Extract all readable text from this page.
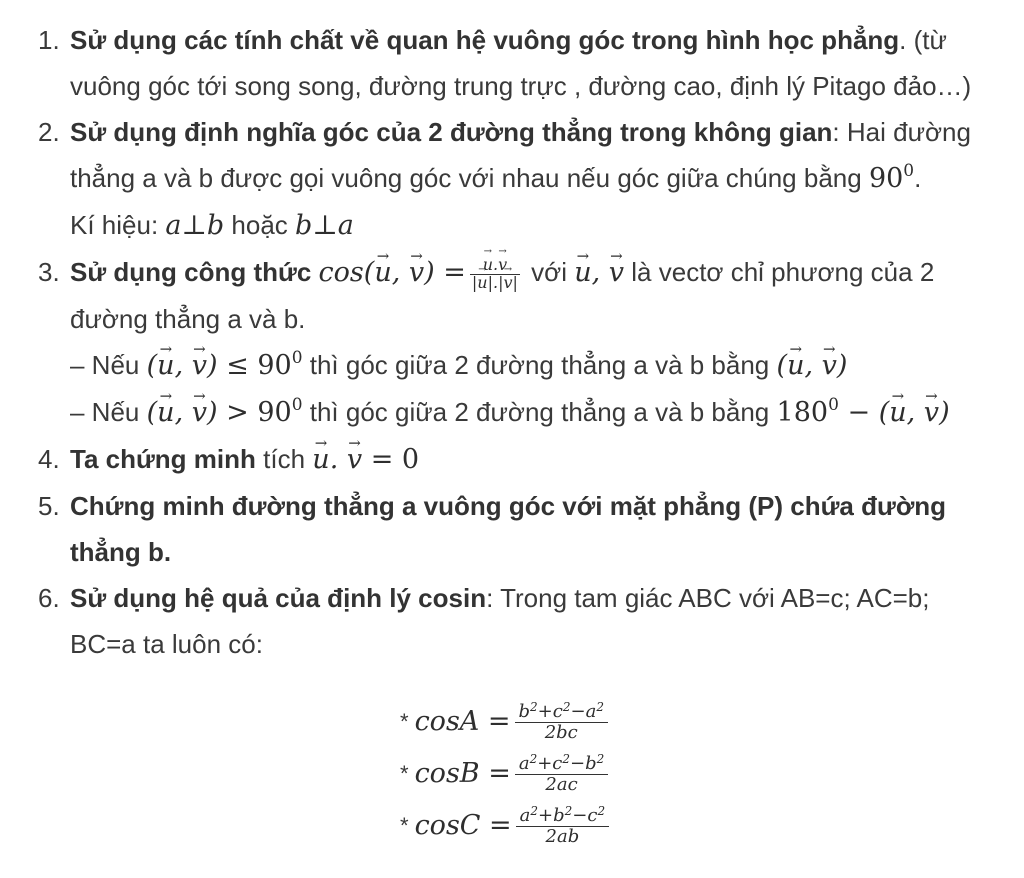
1. Sử dụng các tính chất về quan hệ vuông góc trong hình học phẳng. (từ
vuông góc tới song song, đường trung trực , đường cao, định lý Pitago đảo…)
2. Sử dụng định nghĩa góc của 2 đường thẳng trong không gian: Hai đường
thẳng a và b được gọi vuông góc với nhau nếu góc giữa chúng bằng $90^0$.
Kí hiệu: a⊥b hoặc b⊥a
3. Sử dụng công thức cos(→ u, → v) = → $\frac{u.\to v}{|\to u|.|\to v|}$ với → u, → v là vectơ chỉ phương của 2
đường thẳng a và b.
– Nếu (→ u, → $v) \le 90^0$ thì góc giữa 2 đường thẳng a và b bằng (→ u, → v)
– Nếu (→ u, → $v) > 90^0$ thì góc giữa 2 đường thẳng a và b bằng $180^0$ − (→ u, → v)
4. Ta chứng minh tích → u. → v = 0
5. Chứng minh đường thẳng a vuông góc với mặt phẳng (P) chứa đường
thẳng b.
6. Sử dụng hệ quả của định lý cosin: Trong tam giác ABC với AB=c; AC=b;
BC=a ta luôn có:
* $\cos A = \frac{b^2+c^2-a^2}{2bc}$
* $\cos B = \frac{a^2+c^2-b^2}{2ac}$
* $\cos C = \frac{a^2+b^2-c^2}{2ab}$
